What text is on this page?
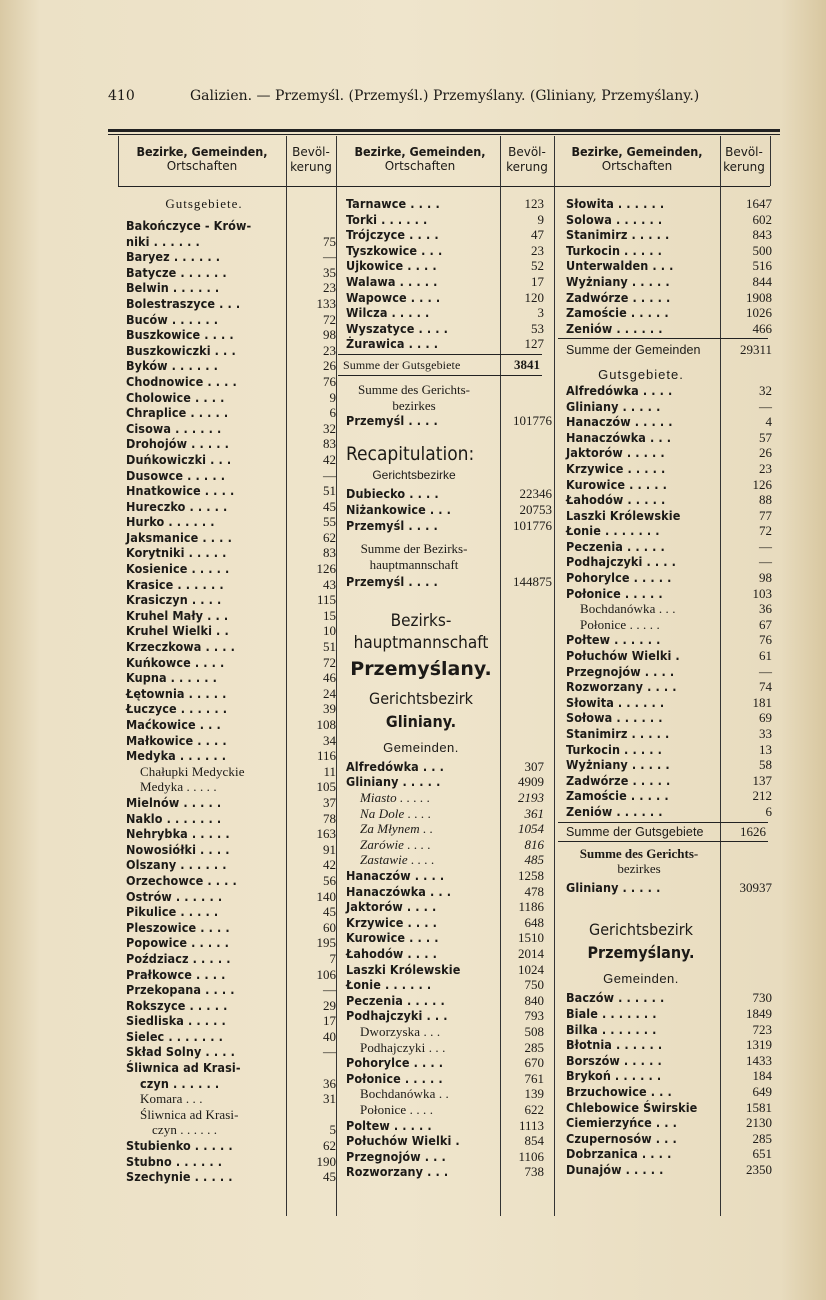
410	Galizien. — Przemyśl. (Przemyśl.) Przemyślany. (Gliniany, Przemyślany.)
Bezirke, Gemeinden,
Ortschaften
Bevöl-
kerung
Bezirke, Gemeinden,
Ortschaften
Bevöl-
kerung
Bezirke, Gemeinden,
Ortschaften
Bevöl-
kerung
Gutsgebiete.
Bakończyce - Krów-
niki . . . . . .	75
Baryez . . . . . .	—
Batycze . . . . . .	35
Belwin . . . . . .	23
Bolestraszyce . . .	133
Buców . . . . . .	72
Buszkowice . . . .	98
Buszkowiczki . . .	23
Byków . . . . . .	26
Chodnowice . . . .	76
Cholowice . . . .	9
Chraplice . . . . .	6
Cisowa . . . . . .	32
Drohojów . . . . .	83
Duńkowiczki . . .	42
Dusowce . . . . .	—
Hnatkowice . . . .	51
Hureczko . . . . .	45
Hurko . . . . . .	55
Jaksmanice . . . .	62
Korytniki . . . . .	83
Kosienice . . . . .	126
Krasice . . . . . .	43
Krasiczyn . . . .	115
Kruhel Mały . . .	15
Kruhel Wielki . .	10
Krzeczkowa . . . .	51
Kuńkowce . . . .	72
Kupna . . . . . .	46
Łętownia . . . . .	24
Łuczyce . . . . . .	39
Maćkowice . . .	108
Małkowice . . . .	34
Medyka . . . . . .	116
Chałupki Medyckie	11
Medyka . . . . .	105
Mielnów . . . . .	37
Naklo . . . . . . .	78
Nehrybka . . . . .	163
Nowosiółki . . . .	91
Olszany . . . . . .	42
Orzechowce . . . .	56
Ostrów . . . . . .	140
Pikulice . . . . .	45
Pleszowice . . . .	60
Popowice . . . . .	195
Poździacz . . . . .	7
Prałkowce . . . .	106
Przekopana . . . .	—
Rokszyce . . . . .	29
Siedliska . . . . .	17
Sielec . . . . . . .	40
Skład Solny . . . .	—
Śliwnica ad Krasi-
czyn . . . . . .	36
Komara . . .	31
Śliwnica ad Krasi-
czyn . . . . . .	5
Stubienko . . . . .	62
Stubno . . . . . .	190
Szechynie . . . . .	45
Tarnawce . . . .	123
Torki . . . . . .	9
Trójczyce . . . .	47
Tyszkowice . . .	23
Ujkowice . . . .	52
Walawa . . . . .	17
Wapowce . . . .	120
Wilcza . . . . .	3
Wyszatyce . . . .	53
Żurawica . . . .	127
Summe der Gutsgebiete	3841
Summe des Gerichts-
bezirkes
Przemyśl . . . .	101776
Recapitulation:
Gerichtsbezirke
Dubiecko . . . .	22346
Niżankowice . . .	20753
Przemyśl . . . .	101776
Summe der Bezirks-
hauptmannschaft
Przemyśl . . . .	144875
Bezirks-
hauptmannschaft
Przemyślany.
Gerichtsbezirk
Gliniany.
Gemeinden.
Alfredówka . . .	307
Gliniany . . . . .	4909
Miasto . . . . .	2193
Na Dole . . . .	361
Za Młynem . .	1054
Zarówie . . . .	816
Zastawie . . . .	485
Hanaczów . . . .	1258
Hanaczówka . . .	478
Jaktorów . . . .	1186
Krzywice . . . .	648
Kurowice . . . .	1510
Łahodów . . . .	2014
Laszki Królewskie	1024
Łonie . . . . . .	750
Peczenia . . . . .	840
Podhajczyki . . .	793
Dworzyska . . .	508
Podhajczyki . . .	285
Pohorylce . . . .	670
Połonice . . . . .	761
Bochdanówka . .	139
Połonice . . . .	622
Poltew . . . . .	1113
Połuchów Wielki .	854
Przegnojów . . .	1106
Rozworzany . . .	738
Słowita . . . . . .	1647
Solowa . . . . . .	602
Stanimirz . . . . .	843
Turkocin . . . . .	500
Unterwalden . . .	516
Wyżniany . . . . .	844
Zadwórze . . . . .	1908
Zamoście . . . . .	1026
Zeniów . . . . . .	466
Summe der Gemeinden	29311
Gutsgebiete.
Alfredówka . . . .	32
Gliniany . . . . .	—
Hanaczów . . . . .	4
Hanaczówka . . .	57
Jaktorów . . . . .	26
Krzywice . . . . .	23
Kurowice . . . . .	126
Łahodów . . . . .	88
Laszki Królewskie	77
Łonie . . . . . . .	72
Peczenia . . . . .	—
Podhajczyki . . . .	—
Pohorylce . . . . .	98
Połonice . . . . .	103
Bochdanówka . . .	36
Połonice . . . . .	67
Połtew . . . . . .	76
Połuchów Wielki .	61
Przegnojów . . . .	—
Rozworzany . . . .	74
Słowita . . . . . .	181
Sołowa . . . . . .	69
Stanimirz . . . . .	33
Turkocin . . . . .	13
Wyżniany . . . . .	58
Zadwórze . . . . .	137
Zamoście . . . . .	212
Zeniów . . . . . .	6
Summe der Gutsgebiete	1626
Summe des Gerichts-
bezirkes
Gliniany . . . . .	30937
Gerichtsbezirk
Przemyślany.
Gemeinden.
Baczów . . . . . .	730
Biale . . . . . . .	1849
Bilka . . . . . . .	723
Błotnia . . . . . .	1319
Borszów . . . . .	1433
Brykoń . . . . . .	184
Brzuchowice . . .	649
Chlebowice Świrskie	1581
Ciemierzyńce . . .	2130
Czupernosów . . .	285
Dobrzanica . . . .	651
Dunajów . . . . .	2350
